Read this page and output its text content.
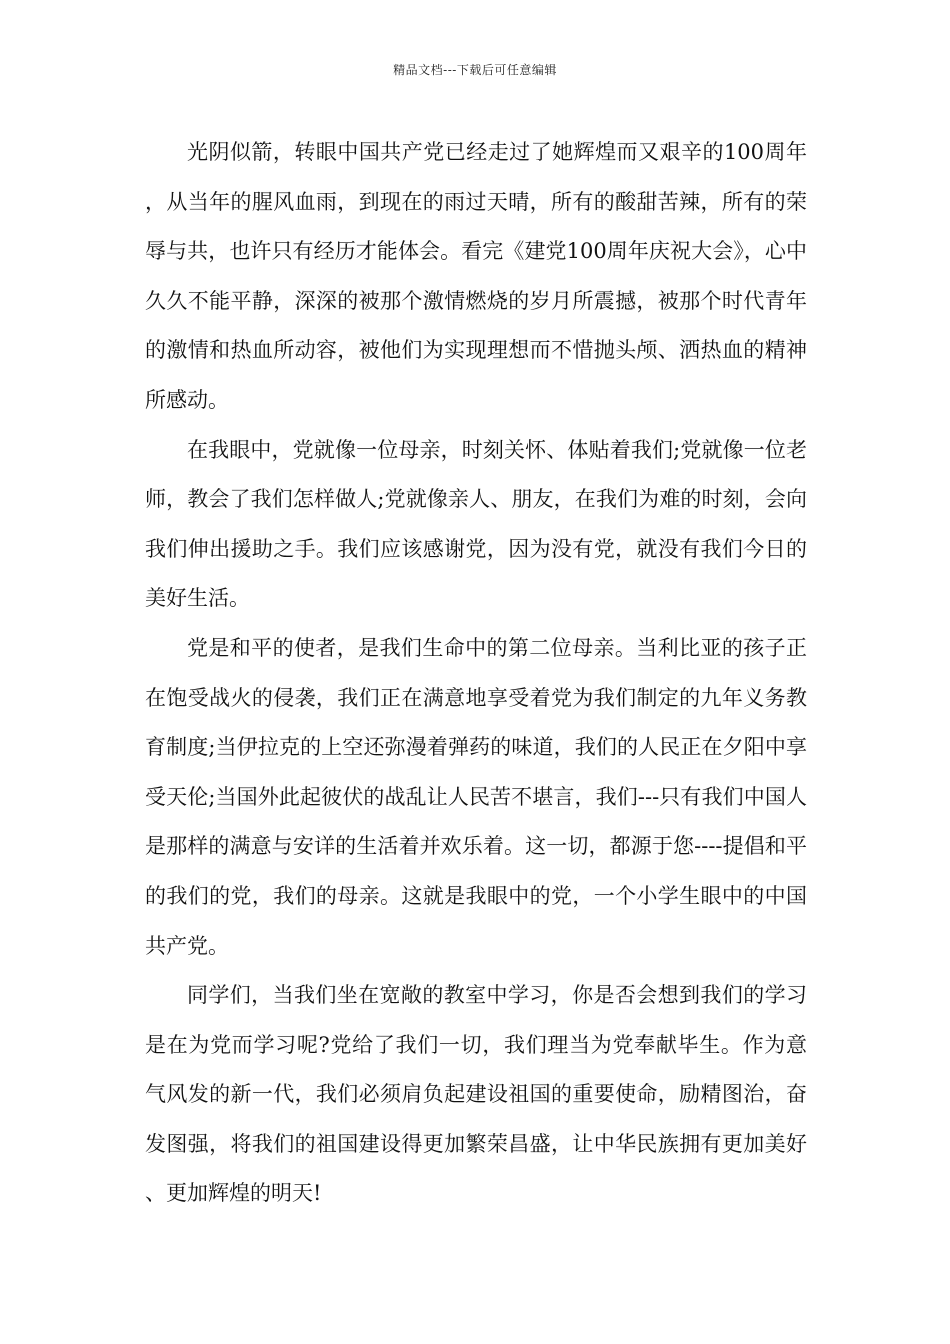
精品文档---下载后可任意编辑

光阴似箭，转眼中国共产党已经走过了她辉煌而又艰辛的100周年，从当年的腥风血雨，到现在的雨过天晴，所有的酸甜苦辣，所有的荣辱与共，也许只有经历才能体会。看完《建党100周年庆祝大会》，心中久久不能平静，深深的被那个激情燃烧的岁月所震撼，被那个时代青年的激情和热血所动容，被他们为实现理想而不惜抛头颅、洒热血的精神所感动。

在我眼中，党就像一位母亲，时刻关怀、体贴着我们;党就像一位老师，教会了我们怎样做人;党就像亲人、朋友，在我们为难的时刻，会向我们伸出援助之手。我们应该感谢党，因为没有党，就没有我们今日的美好生活。

党是和平的使者，是我们生命中的第二位母亲。当利比亚的孩子正在饱受战火的侵袭，我们正在满意地享受着党为我们制定的九年义务教育制度;当伊拉克的上空还弥漫着弹药的味道，我们的人民正在夕阳中享受天伦;当国外此起彼伏的战乱让人民苦不堪言，我们---只有我们中国人是那样的满意与安详的生活着并欢乐着。这一切，都源于您----提倡和平的我们的党，我们的母亲。这就是我眼中的党，一个小学生眼中的中国共产党。

同学们，当我们坐在宽敞的教室中学习，你是否会想到我们的学习是在为党而学习呢?党给了我们一切，我们理当为党奉献毕生。作为意气风发的新一代，我们必须肩负起建设祖国的重要使命，励精图治，奋发图强，将我们的祖国建设得更加繁荣昌盛，让中华民族拥有更加美好、更加辉煌的明天!
